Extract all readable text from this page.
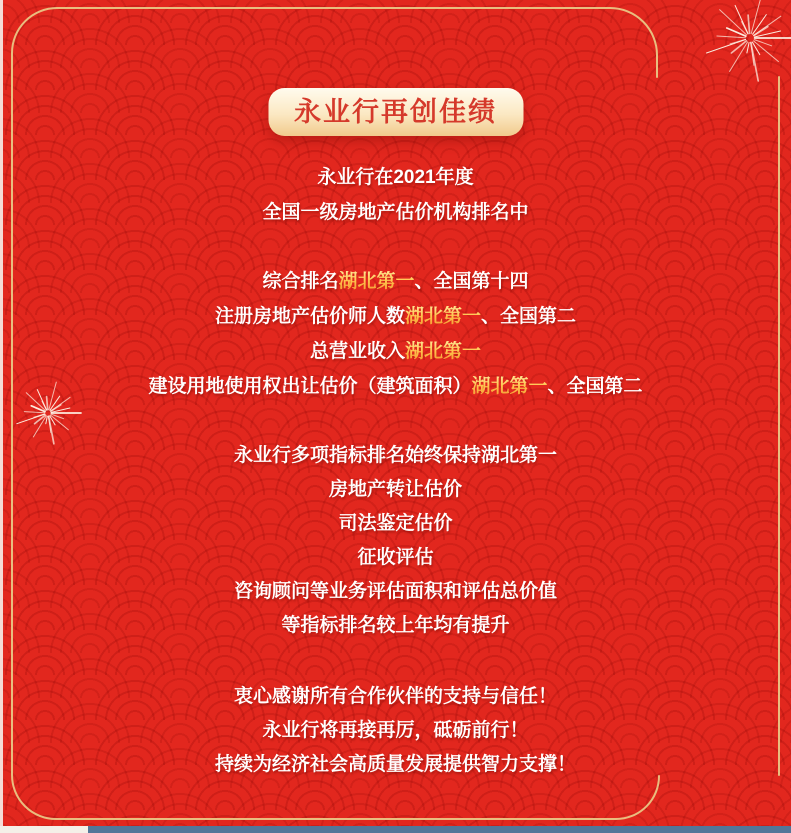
永业行再创佳绩
永业行在2021年度
全国一级房地产估价机构排名中
综合排名湖北第一、全国第十四
注册房地产估价师人数湖北第一、全国第二
总营业收入湖北第一
建设用地使用权出让估价（建筑面积）湖北第一、全国第二
永业行多项指标排名始终保持湖北第一
房地产转让估价
司法鉴定估价
征收评估
咨询顾问等业务评估面积和评估总价值
等指标排名较上年均有提升
衷心感谢所有合作伙伴的支持与信任！
永业行将再接再厉，砥砺前行！
持续为经济社会高质量发展提供智力支撑！
